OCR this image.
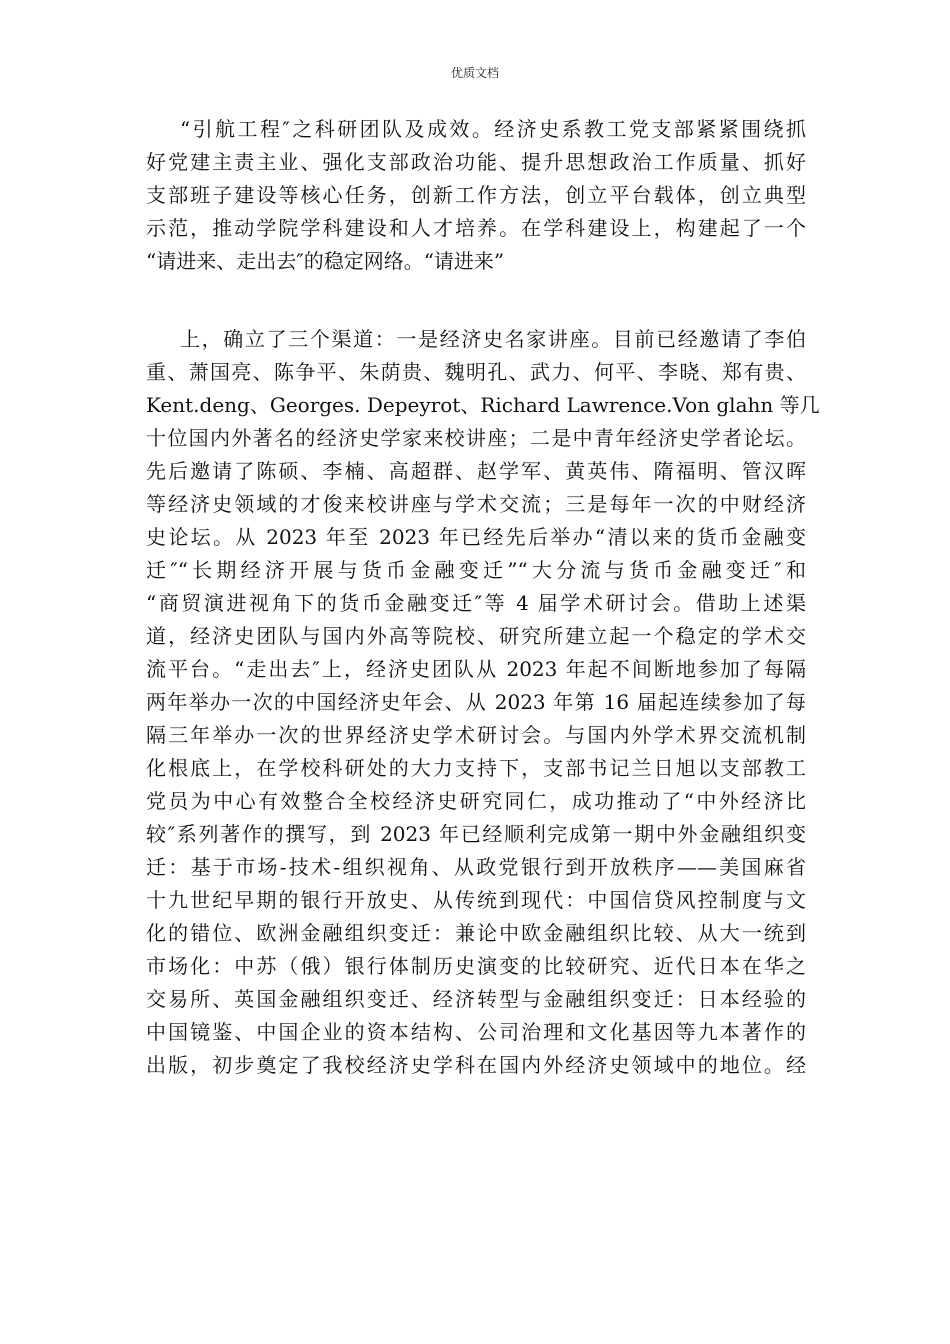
优质文档
“引航工程″之科研团队及成效。经济史系教工党支部紧紧围绕抓
好党建主责主业、强化支部政治功能、提升思想政治工作质量、抓好
支部班子建设等核心任务，创新工作方法，创立平台载体，创立典型
示范，推动学院学科建设和人才培养。在学科建设上，构建起了一个
“请进来、走出去″的稳定网络。“请进来”
上，确立了三个渠道：一是经济史名家讲座。目前已经邀请了李伯
重、萧国亮、陈争平、朱荫贵、魏明孔、武力、何平、李晓、郑有贵、
Kent.deng、Georges. Depeyrot、Richard Lawrence.Von glahn 等几
十位国内外著名的经济史学家来校讲座；二是中青年经济史学者论坛。
先后邀请了陈硕、李楠、高超群、赵学军、黄英伟、隋福明、管汉晖
等经济史领域的才俊来校讲座与学术交流；三是每年一次的中财经济
史论坛。从 2023 年至 2023 年已经先后举办“清以来的货币金融变
迁″“长期经济开展与货币金融变迁”“大分流与货币金融变迁″和
“商贸演进视角下的货币金融变迁″等 4 届学术研讨会。借助上述渠
道，经济史团队与国内外高等院校、研究所建立起一个稳定的学术交
流平台。“走出去″上，经济史团队从 2023 年起不间断地参加了每隔
两年举办一次的中国经济史年会、从 2023 年第 16 届起连续参加了每
隔三年举办一次的世界经济史学术研讨会。与国内外学术界交流机制
化根底上，在学校科研处的大力支持下，支部书记兰日旭以支部教工
党员为中心有效整合全校经济史研究同仁，成功推动了“中外经济比
较″系列著作的撰写，到 2023 年已经顺利完成第一期中外金融组织变
迁：基于市场-技术-组织视角、从政党银行到开放秩序——美国麻省
十九世纪早期的银行开放史、从传统到现代：中国信贷风控制度与文
化的错位、欧洲金融组织变迁：兼论中欧金融组织比较、从大一统到
市场化：中苏（俄）银行体制历史演变的比较研究、近代日本在华之
交易所、英国金融组织变迁、经济转型与金融组织变迁：日本经验的
中国镜鉴、中国企业的资本结构、公司治理和文化基因等九本著作的
出版，初步奠定了我校经济史学科在国内外经济史领域中的地位。经
